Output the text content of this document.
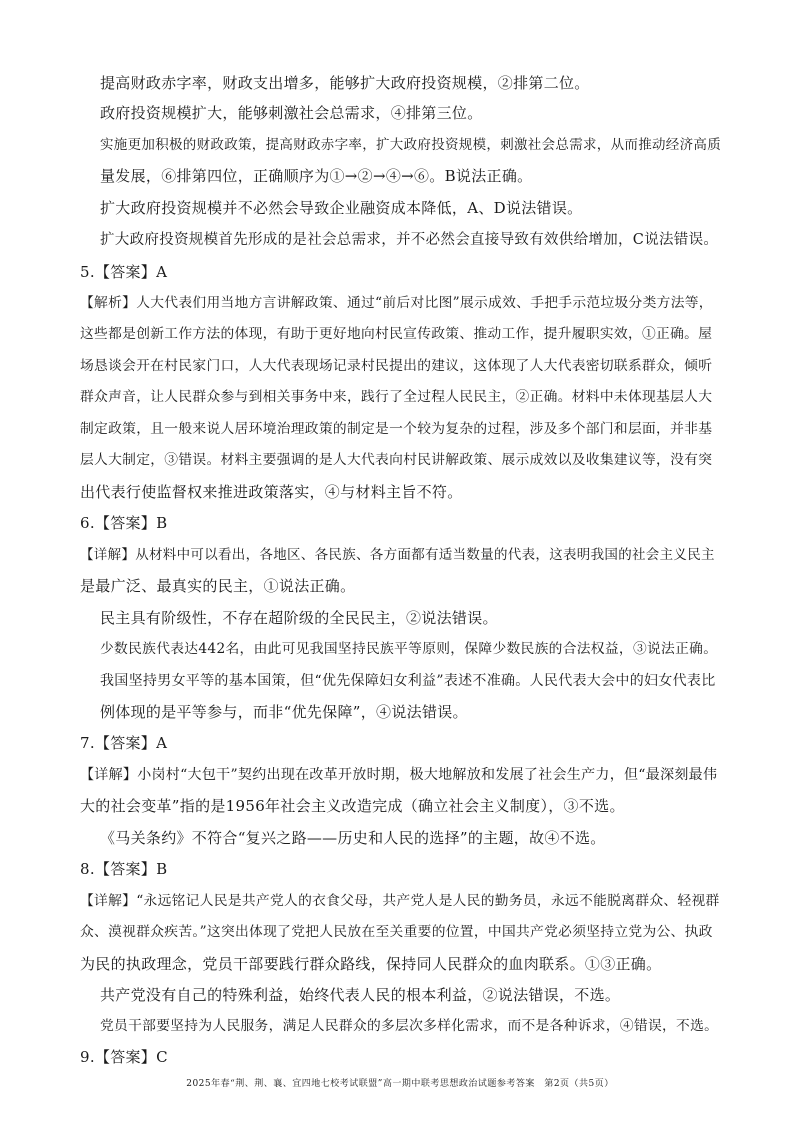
提高财政赤字率，财政支出增多，能够扩大政府投资规模，②排第二位。
政府投资规模扩大，能够刺激社会总需求，④排第三位。
实施更加积极的财政政策，提高财政赤字率，扩大政府投资规模，刺激社会总需求，从而推动经济高质
量发展，⑥排第四位，正确顺序为①→②→④→⑥。B说法正确。
扩大政府投资规模并不必然会导致企业融资成本降低，A、D说法错误。
扩大政府投资规模首先形成的是社会总需求，并不必然会直接导致有效供给增加，C说法错误。
5.【答案】A
【解析】人大代表们用当地方言讲解政策、通过“前后对比图”展示成效、手把手示范垃圾分类方法等，
这些都是创新工作方法的体现，有助于更好地向村民宣传政策、推动工作，提升履职实效，①正确。屋
场恳谈会开在村民家门口，人大代表现场记录村民提出的建议，这体现了人大代表密切联系群众，倾听
群众声音，让人民群众参与到相关事务中来，践行了全过程人民民主，②正确。材料中未体现基层人大
制定政策，且一般来说人居环境治理政策的制定是一个较为复杂的过程，涉及多个部门和层面，并非基
层人大制定，③错误。材料主要强调的是人大代表向村民讲解政策、展示成效以及收集建议等，没有突
出代表行使监督权来推进政策落实，④与材料主旨不符。
6.【答案】B
【详解】从材料中可以看出，各地区、各民族、各方面都有适当数量的代表，这表明我国的社会主义民主
是最广泛、最真实的民主，①说法正确。
民主具有阶级性，不存在超阶级的全民民主，②说法错误。
少数民族代表达442名，由此可见我国坚持民族平等原则，保障少数民族的合法权益，③说法正确。
我国坚持男女平等的基本国策，但“优先保障妇女利益”表述不准确。人民代表大会中的妇女代表比
例体现的是平等参与，而非“优先保障”，④说法错误。
7.【答案】A
【详解】小岗村“大包干”契约出现在改革开放时期，极大地解放和发展了社会生产力，但“最深刻最伟
大的社会变革”指的是1956年社会主义改造完成（确立社会主义制度），③不选。
《马关条约》不符合“复兴之路——历史和人民的选择”的主题，故④不选。
8.【答案】B
【详解】“永远铭记人民是共产党人的衣食父母，共产党人是人民的勤务员，永远不能脱离群众、轻视群
众、漠视群众疾苦。”这突出体现了党把人民放在至关重要的位置，中国共产党必须坚持立党为公、执政
为民的执政理念，党员干部要践行群众路线，保持同人民群众的血肉联系。①③正确。
共产党没有自己的特殊利益，始终代表人民的根本利益，②说法错误，不选。
党员干部要坚持为人民服务，满足人民群众的多层次多样化需求，而不是各种诉求，④错误，不选。
9.【答案】C
2025年春“荆、荆、襄、宜四地七校考试联盟”高一期中联考思想政治试题参考答案　第2页（共5页）
